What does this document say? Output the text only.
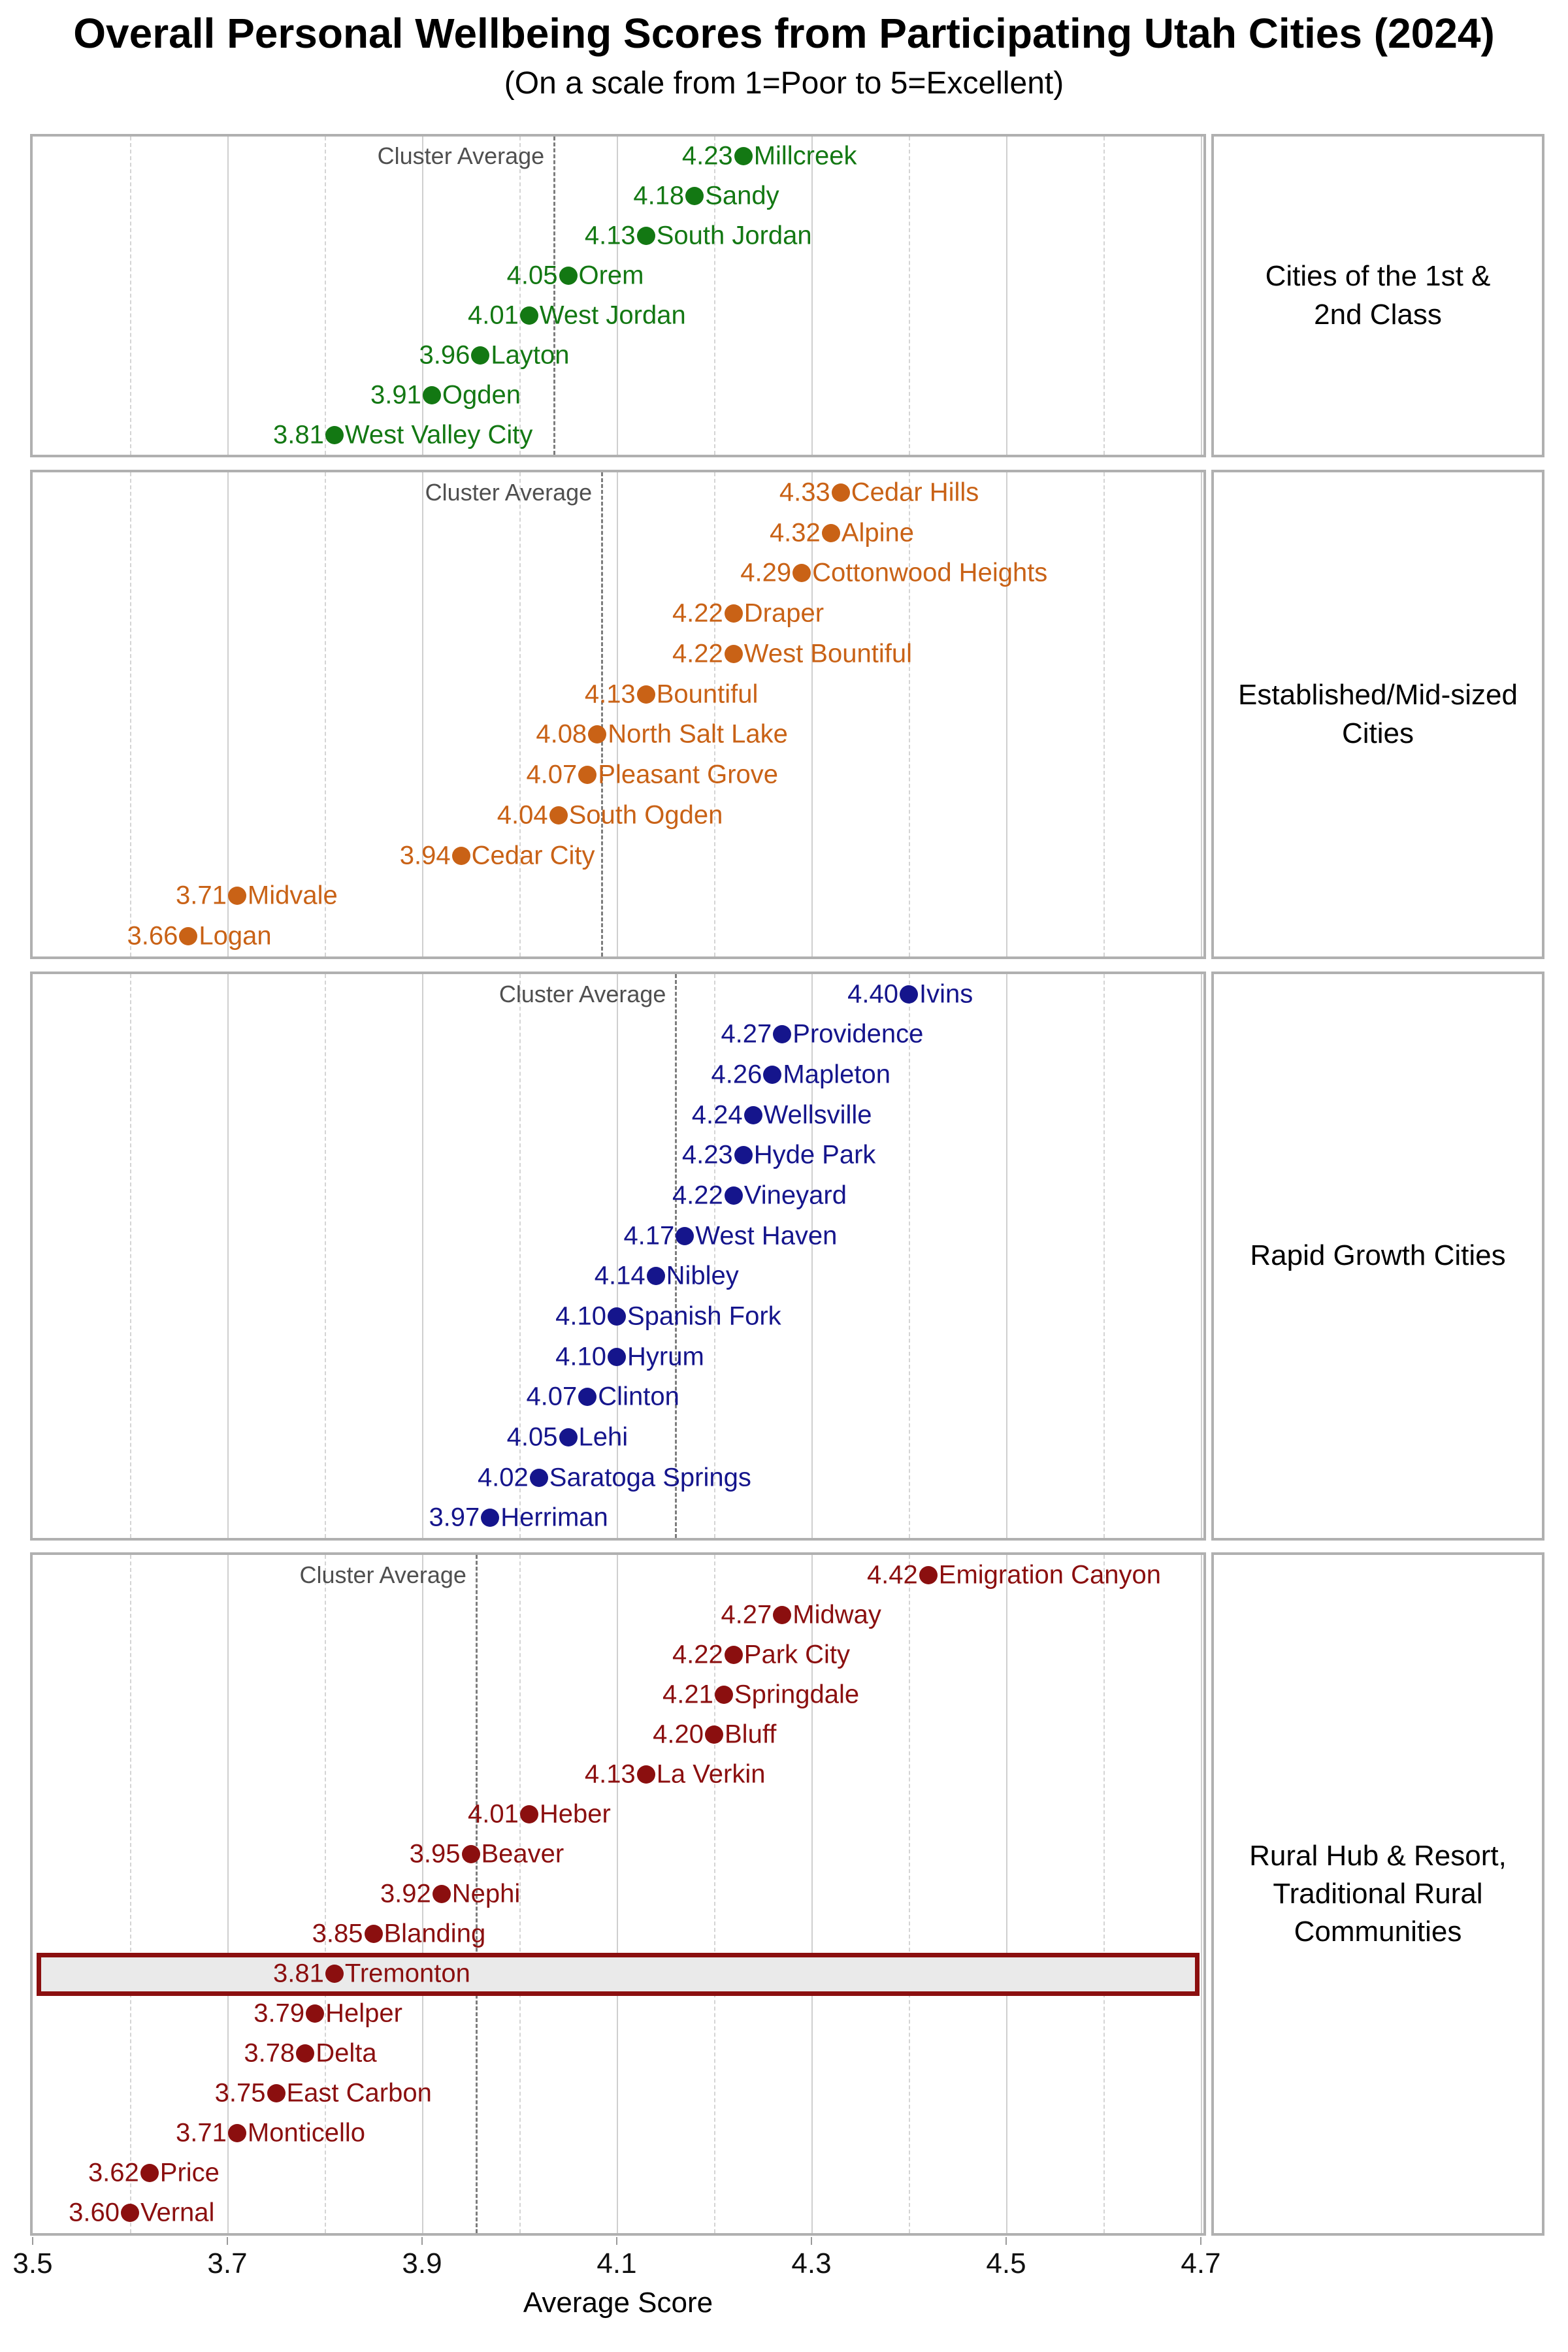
Overall Personal Wellbeing Scores from Participating Utah Cities (2024)
(On a scale from 1=Poor to 5=Excellent)
Cluster Average	4.23 Millcreek
4.18 Sandy
4.13 South Jordan
4.05 Orem
4.01 West Jordan
3.96 Layton
3.91 Ogden
3.81 West Valley City
Cities of the 1st &
2nd Class
Cluster Average	4.33 Cedar Hills
4.32 Alpine
4.29 Cottonwood Heights
4.22 Draper
4.22 West Bountiful
4.13 Bountiful
4.08 North Salt Lake
4.07 Pleasant Grove
4.04 South Ogden
3.94 Cedar City
3.71 Midvale
3.66 Logan
Established/Mid-sized
Cities
Cluster Average	4.40 Ivins
4.27 Providence
4.26 Mapleton
4.24 Wellsville
4.23 Hyde Park
4.22 Vineyard
4.17 West Haven
4.14 Nibley
4.10 Spanish Fork
4.10 Hyrum
4.07 Clinton
4.05 Lehi
4.02 Saratoga Springs
3.97 Herriman
Rapid Growth Cities
Cluster Average	4.42 Emigration Canyon
4.27 Midway
4.22 Park City
4.21 Springdale
4.20 Bluff
4.13 La Verkin
4.01 Heber
3.95 Beaver
3.92 Nephi
3.85 Blanding
3.81 Tremonton
3.79 Helper
3.78 Delta
3.75 East Carbon
3.71 Monticello
3.62 Price
3.60 Vernal
Rural Hub & Resort,
Traditional Rural
Communities
3.5	3.7	3.9	4.1	4.3	4.5	4.7
Average Score
